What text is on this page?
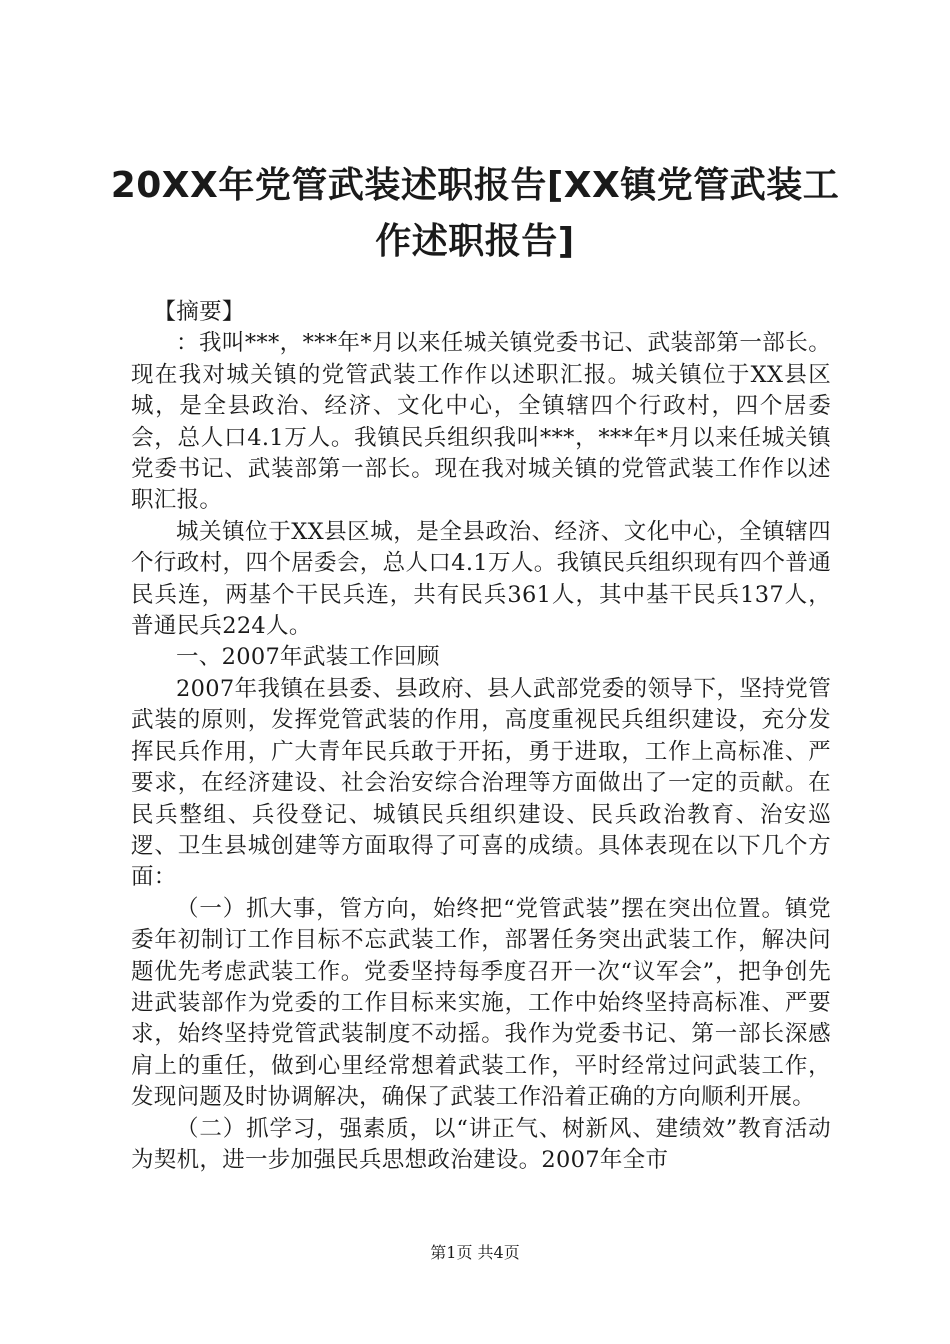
20XX年党管武装述职报告[XX镇党管武装工作述职报告]

【摘要】

：我叫***，***年*月以来任城关镇党委书记、武装部第一部长。现在我对城关镇的党管武装工作作以述职汇报。城关镇位于XX县区城，是全县政治、经济、文化中心，全镇辖四个行政村，四个居委会，总人口4.1万人。我镇民兵组织我叫***，***年*月以来任城关镇党委书记、武装部第一部长。现在我对城关镇的党管武装工作作以述职汇报。

城关镇位于XX县区城，是全县政治、经济、文化中心，全镇辖四个行政村，四个居委会，总人口4.1万人。我镇民兵组织现有四个普通民兵连，两基个干民兵连，共有民兵361人，其中基干民兵137人，普通民兵224人。

一、2007年武装工作回顾

2007年我镇在县委、县政府、县人武部党委的领导下，坚持党管武装的原则，发挥党管武装的作用，高度重视民兵组织建设，充分发挥民兵作用，广大青年民兵敢于开拓，勇于进取，工作上高标准、严要求，在经济建设、社会治安综合治理等方面做出了一定的贡献。在民兵整组、兵役登记、城镇民兵组织建设、民兵政治教育、治安巡逻、卫生县城创建等方面取得了可喜的成绩。具体表现在以下几个方面：

（一）抓大事，管方向，始终把“党管武装”摆在突出位置。镇党委年初制订工作目标不忘武装工作，部署任务突出武装工作，解决问题优先考虑武装工作。党委坚持每季度召开一次“议军会”，把争创先进武装部作为党委的工作目标来实施，工作中始终坚持高标准、严要求，始终坚持党管武装制度不动摇。我作为党委书记、第一部长深感肩上的重任，做到心里经常想着武装工作，平时经常过问武装工作，发现问题及时协调解决，确保了武装工作沿着正确的方向顺利开展。

（二）抓学习，强素质，以“讲正气、树新风、建绩效”教育活动为契机，进一步加强民兵思想政治建设。2007年全市

第1页 共4页
